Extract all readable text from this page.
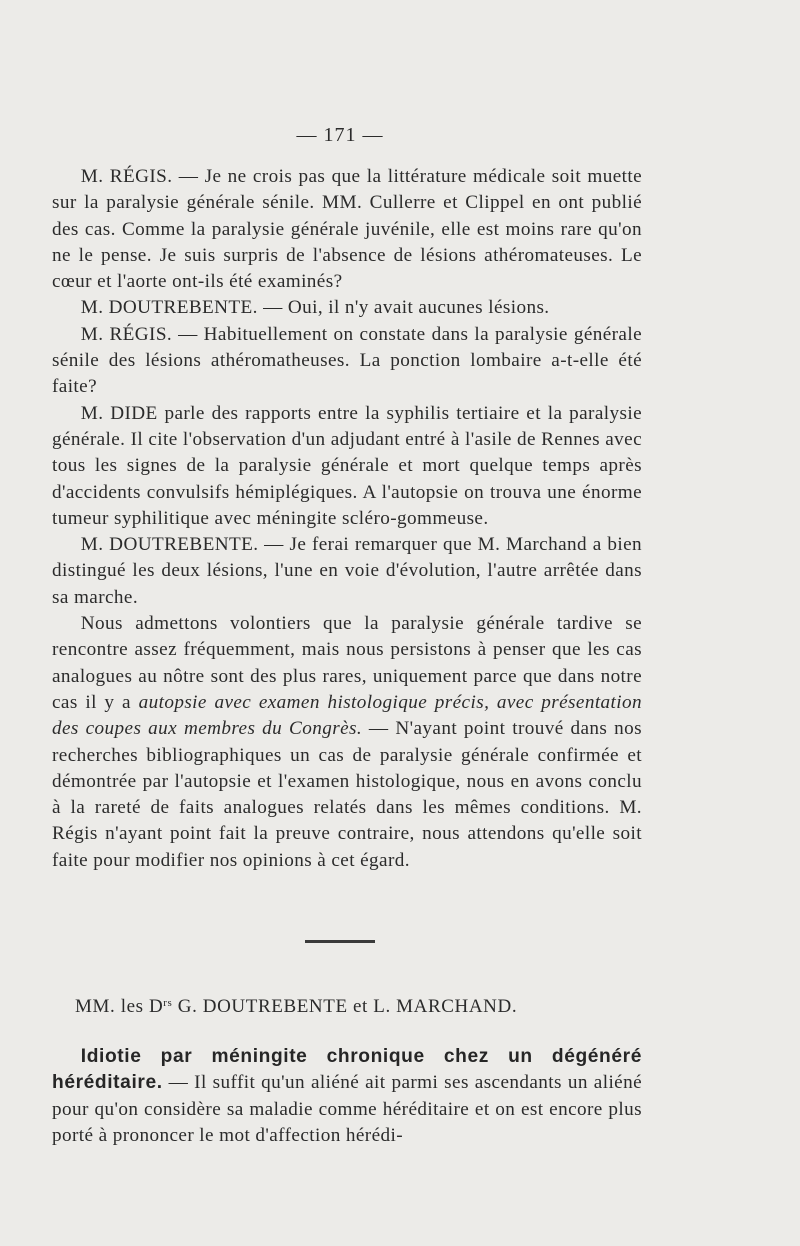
— 171 —

M. RÉGIS. — Je ne crois pas que la littérature médicale soit muette sur la paralysie générale sénile. MM. Cullerre et Clippel en ont publié des cas. Comme la paralysie générale juvénile, elle est moins rare qu'on ne le pense. Je suis surpris de l'absence de lésions athéromateuses. Le cœur et l'aorte ont-ils été examinés?

M. DOUTREBENTE. — Oui, il n'y avait aucunes lésions.

M. RÉGIS. — Habituellement on constate dans la paralysie générale sénile des lésions athéromatheuses. La ponction lombaire a-t-elle été faite?

M. DIDE parle des rapports entre la syphilis tertiaire et la paralysie générale. Il cite l'observation d'un adjudant entré à l'asile de Rennes avec tous les signes de la paralysie générale et mort quelque temps après d'accidents convulsifs hémiplégiques. A l'autopsie on trouva une énorme tumeur syphilitique avec méningite scléro-gommeuse.

M. DOUTREBENTE. — Je ferai remarquer que M. Marchand a bien distingué les deux lésions, l'une en voie d'évolution, l'autre arrêtée dans sa marche.

Nous admettons volontiers que la paralysie générale tardive se rencontre assez fréquemment, mais nous persistons à penser que les cas analogues au nôtre sont des plus rares, uniquement parce que dans notre cas il y a autopsie avec examen histologique précis, avec présentation des coupes aux membres du Congrès. — N'ayant point trouvé dans nos recherches bibliographiques un cas de paralysie générale confirmée et démontrée par l'autopsie et l'examen histologique, nous en avons conclu à la rareté de faits analogues relatés dans les mêmes conditions. M. Régis n'ayant point fait la preuve contraire, nous attendons qu'elle soit faite pour modifier nos opinions à cet égard.

MM. les $D^{rs}$ G. DOUTREBENTE et L. MARCHAND.

Idiotie par méningite chronique chez un dégénéré héréditaire. — Il suffit qu'un aliéné ait parmi ses ascendants un aliéné pour qu'on considère sa maladie comme héréditaire et on est encore plus porté à prononcer le mot d'affection hérédi-
